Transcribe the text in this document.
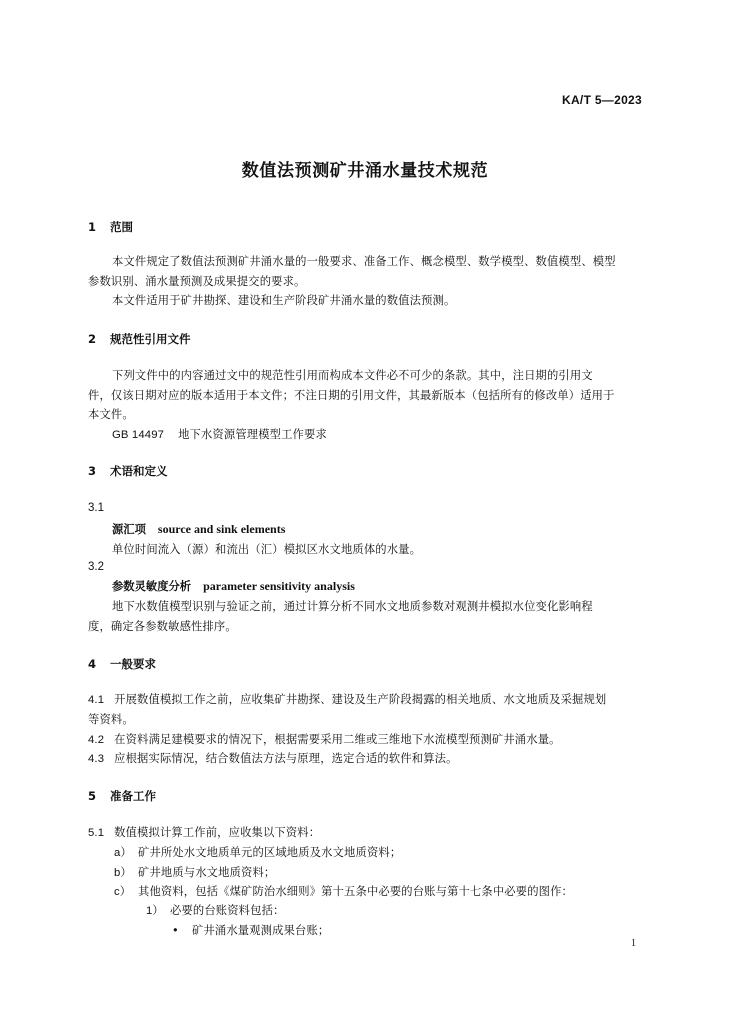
KA/T 5—2023
数值法预测矿井涌水量技术规范
1 范围
本文件规定了数值法预测矿井涌水量的一般要求、准备工作、概念模型、数学模型、数值模型、模型
参数识别、涌水量预测及成果提交的要求。
本文件适用于矿井勘探、建设和生产阶段矿井涌水量的数值法预测。
2 规范性引用文件
下列文件中的内容通过文中的规范性引用而构成本文件必不可少的条款。其中，注日期的引用文
件，仅该日期对应的版本适用于本文件；不注日期的引用文件，其最新版本（包括所有的修改单）适用于
本文件。
GB 14497 地下水资源管理模型工作要求
3 术语和定义
3.1
源汇项 source and sink elements
单位时间流入（源）和流出（汇）模拟区水文地质体的水量。
3.2
参数灵敏度分析 parameter sensitivity analysis
地下水数值模型识别与验证之前，通过计算分析不同水文地质参数对观测井模拟水位变化影响程
度，确定各参数敏感性排序。
4 一般要求
4.1 开展数值模拟工作之前，应收集矿井勘探、建设及生产阶段揭露的相关地质、水文地质及采掘规划
等资料。
4.2 在资料满足建模要求的情况下，根据需要采用二维或三维地下水流模型预测矿井涌水量。
4.3 应根据实际情况，结合数值法方法与原理，选定合适的软件和算法。
5 准备工作
5.1 数值模拟计算工作前，应收集以下资料：
a） 矿井所处水文地质单元的区域地质及水文地质资料；
b） 矿井地质与水文地质资料；
c） 其他资料，包括《煤矿防治水细则》第十五条中必要的台账与第十七条中必要的图作：
1） 必要的台账资料包括：
• 矿井涌水量观测成果台账；
1
